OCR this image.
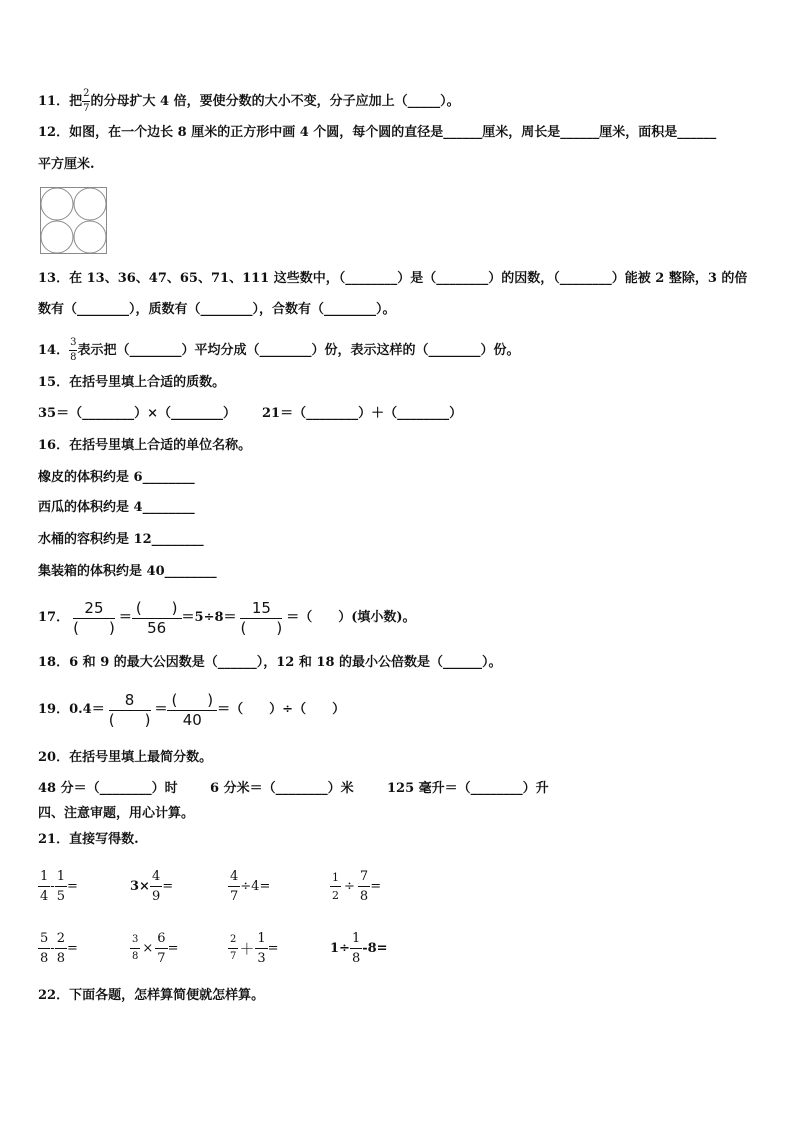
11．把 $\frac{2}{7}$ 的分母扩大 4 倍，要使分数的大小不变，分子应加上（_____）。
12．如图，在一个边长 8 厘米的正方形中画 4 个圆，每个圆的直径是______厘米，周长是______厘米，面积是______
平方厘米.
13．在 13、36、47、65、71、111 这些数中，（________）是（________）的因数，（________）能被 2 整除，3 的倍
数有（________），质数有（________），合数有（________）。
14． $\frac{3}{8}$ 表示把（________）平均分成（________）份，表示这样的（________）份。
15．在括号里填上合适的质数。
35＝（________）×（________） 21＝（________）＋（________）
16．在括号里填上合适的单位名称。
橡皮的体积约是 6________
西瓜的体积约是 4________
水桶的容积约是 12________
集装箱的体积约是 40________
17． $\frac{25}{( )} = \frac{( )}{56} =5\div 8= \frac{15}{( )}$ ＝（　　）(填小数)。
18．6 和 9 的最大公因数是（______），12 和 18 的最小公倍数是（______）。
19．$0.4= \frac{8}{( )} = \frac{( )}{40}$ ＝（　　）÷（　　）
20．在括号里填上最简分数。
48 分＝（________）时 6 分米＝（________）米	125 毫升＝（________）升
四、注意审题，用心计算。
21．直接写得数.
$\frac{1}{4} - \frac{1}{5}$ =	$3\times \frac{4}{9}$ =	$\frac{4}{7} \div 4=$	$\frac{1}{2} \div \frac{7}{8}$ =
$\frac{5}{8} - \frac{2}{8}$ =	$\frac{3}{8} \times \frac{6}{7}$ =	$\frac{2}{7} + \frac{1}{3}$ =	$1\div \frac{1}{8} -8=$
22．下面各题，怎样算简便就怎样算。
